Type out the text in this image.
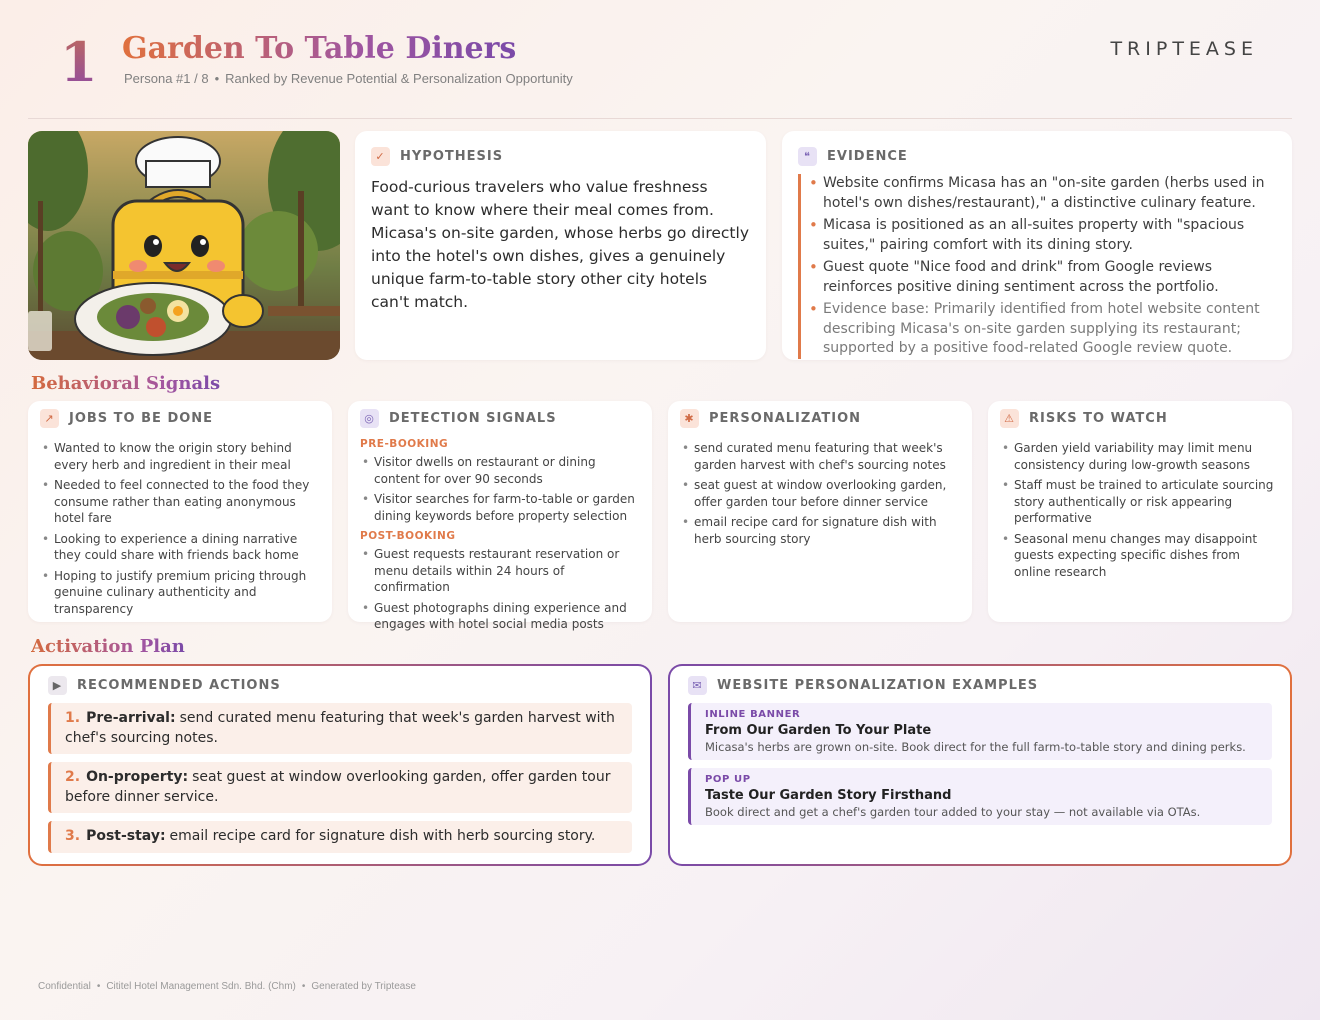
1 Garden To Table Diners
Persona #1 / 8 • Ranked by Revenue Potential & Personalization Opportunity
TRIPTEASE
✓	HYPOTHESIS
Food-curious travelers who value freshness want to know where their meal comes from. Micasa's on-site garden, whose herbs go directly into the hotel's own dishes, gives a genuinely unique farm-to-table story other city hotels can't match.
❝	EVIDENCE
• Website confirms Micasa has an "on-site garden (herbs used in hotel's own dishes/restaurant)," a distinctive culinary feature.
• Micasa is positioned as an all-suites property with "spacious suites," pairing comfort with its dining story.
• Guest quote "Nice food and drink" from Google reviews reinforces positive dining sentiment across the portfolio.
• Evidence base: Primarily identified from hotel website content describing Micasa's on-site garden supplying its restaurant; supported by a positive food-related Google review quote.
Behavioral Signals
↗	JOBS TO BE DONE
• Wanted to know the origin story behind every herb and ingredient in their meal
• Needed to feel connected to the food they consume rather than eating anonymous hotel fare
• Looking to experience a dining narrative they could share with friends back home
• Hoping to justify premium pricing through genuine culinary authenticity and transparency
◎	DETECTION SIGNALS
PRE-BOOKING
• Visitor dwells on restaurant or dining content for over 90 seconds
• Visitor searches for farm-to-table or garden dining keywords before property selection
POST-BOOKING
• Guest requests restaurant reservation or menu details within 24 hours of confirmation
• Guest photographs dining experience and engages with hotel social media posts
✱	PERSONALIZATION
• send curated menu featuring that week's garden harvest with chef's sourcing notes
• seat guest at window overlooking garden, offer garden tour before dinner service
• email recipe card for signature dish with herb sourcing story
⚠	RISKS TO WATCH
• Garden yield variability may limit menu consistency during low-growth seasons
• Staff must be trained to articulate sourcing story authentically or risk appearing performative
• Seasonal menu changes may disappoint guests expecting specific dishes from online research
Activation Plan
▶	RECOMMENDED ACTIONS
1. Pre-arrival: send curated menu featuring that week's garden harvest with chef's sourcing notes.
2. On-property: seat guest at window overlooking garden, offer garden tour before dinner service.
3. Post-stay: email recipe card for signature dish with herb sourcing story.
✉	WEBSITE PERSONALIZATION EXAMPLES
INLINE BANNER
From Our Garden To Your Plate
Micasa's herbs are grown on-site. Book direct for the full farm-to-table story and dining perks.
POP UP
Taste Our Garden Story Firsthand
Book direct and get a chef's garden tour added to your stay — not available via OTAs.
Confidential • Cititel Hotel Management Sdn. Bhd. (Chm) • Generated by Triptease
